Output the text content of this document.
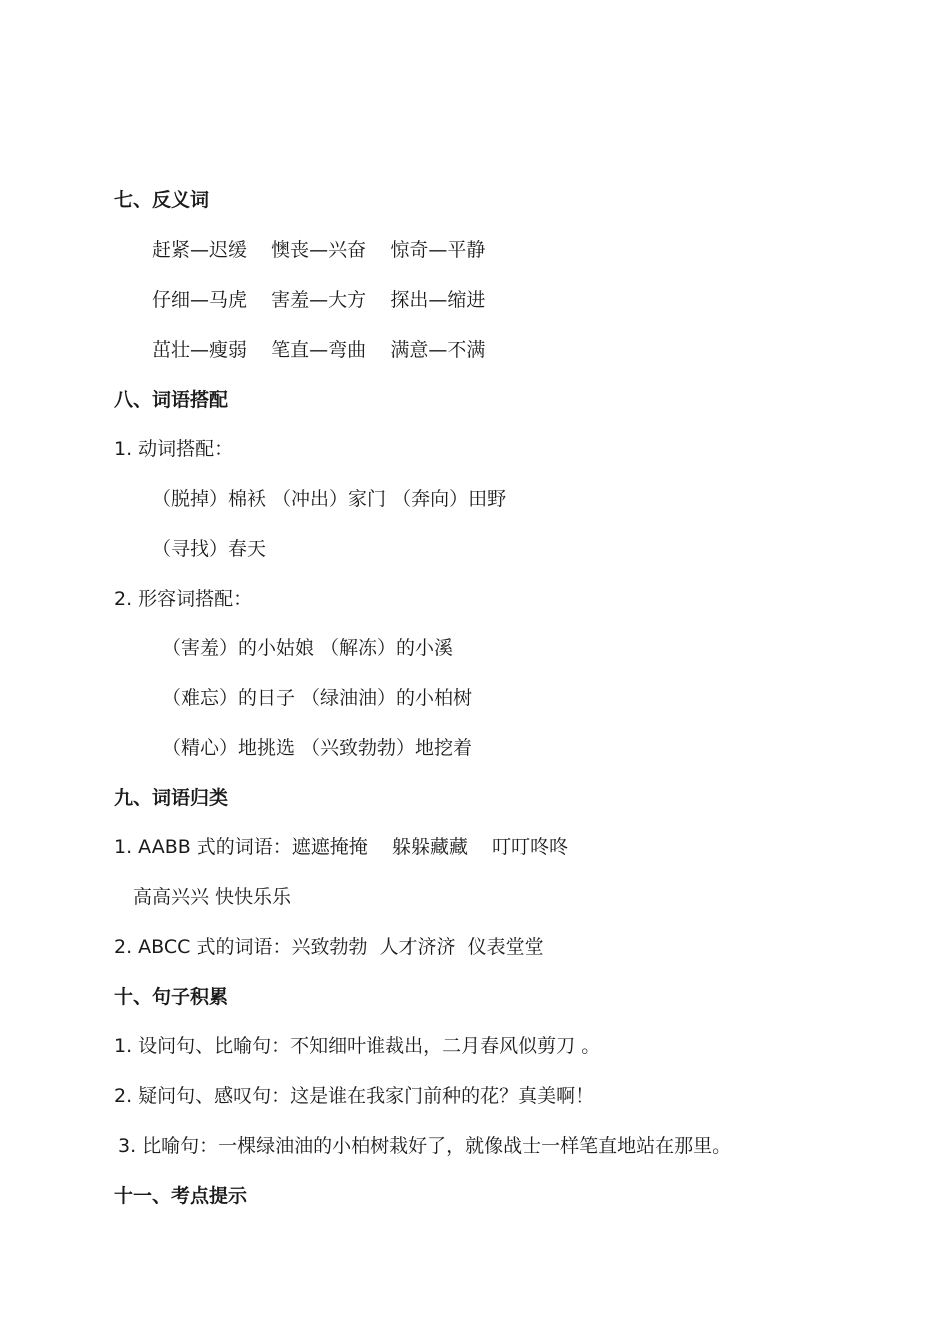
七、反义词

赶紧—迟缓    懊丧—兴奋    惊奇—平静

仔细—马虎    害羞—大方    探出—缩进

茁壮—瘦弱    笔直—弯曲    满意—不满

八、词语搭配

1. 动词搭配：

（脱掉）棉袄 （冲出）家门 （奔向）田野

（寻找）春天

2. 形容词搭配：

（害羞）的小姑娘 （解冻）的小溪

（难忘）的日子 （绿油油）的小柏树

（精心）地挑选 （兴致勃勃）地挖着

九、词语归类

1. AABB 式的词语：遮遮掩掩    躲躲藏藏    叮叮咚咚

高高兴兴 快快乐乐

2. ABCC 式的词语：兴致勃勃  人才济济  仪表堂堂

十、句子积累

1. 设问句、比喻句：不知细叶谁裁出，二月春风似剪刀 。

2. 疑问句、感叹句：这是谁在我家门前种的花？真美啊！

3. 比喻句：一棵绿油油的小柏树栽好了，就像战士一样笔直地站在那里。

十一、考点提示
